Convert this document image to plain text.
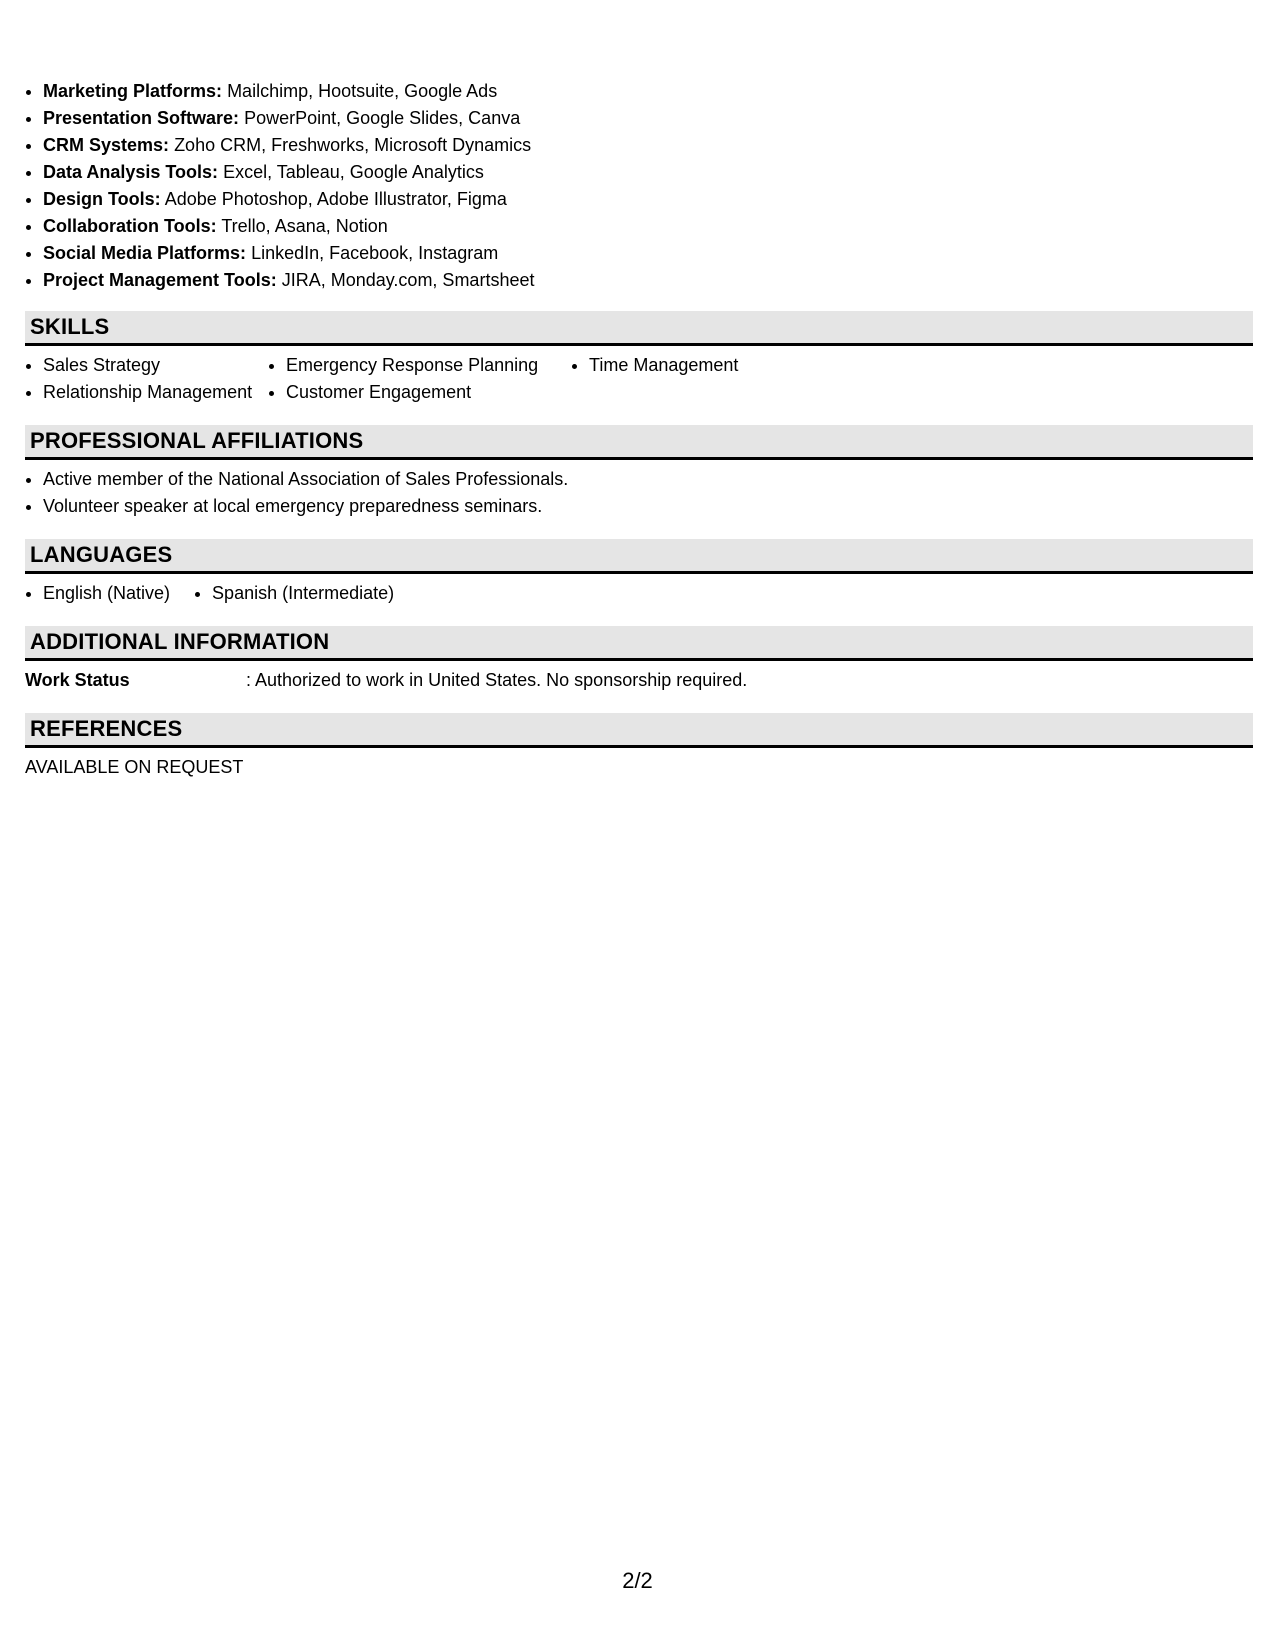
• Marketing Platforms: Mailchimp, Hootsuite, Google Ads
• Presentation Software: PowerPoint, Google Slides, Canva
• CRM Systems: Zoho CRM, Freshworks, Microsoft Dynamics
• Data Analysis Tools: Excel, Tableau, Google Analytics
• Design Tools: Adobe Photoshop, Adobe Illustrator, Figma
• Collaboration Tools: Trello, Asana, Notion
• Social Media Platforms: LinkedIn, Facebook, Instagram
• Project Management Tools: JIRA, Monday.com, Smartsheet
SKILLS
• Sales Strategy
• Relationship Management
• Emergency Response Planning
• Customer Engagement
• Time Management
PROFESSIONAL AFFILIATIONS
• Active member of the National Association of Sales Professionals.
• Volunteer speaker at local emergency preparedness seminars.
LANGUAGES
• English (Native)
• Spanish (Intermediate)
ADDITIONAL INFORMATION
Work Status	: Authorized to work in United States. No sponsorship required.
REFERENCES
AVAILABLE ON REQUEST
2/2
